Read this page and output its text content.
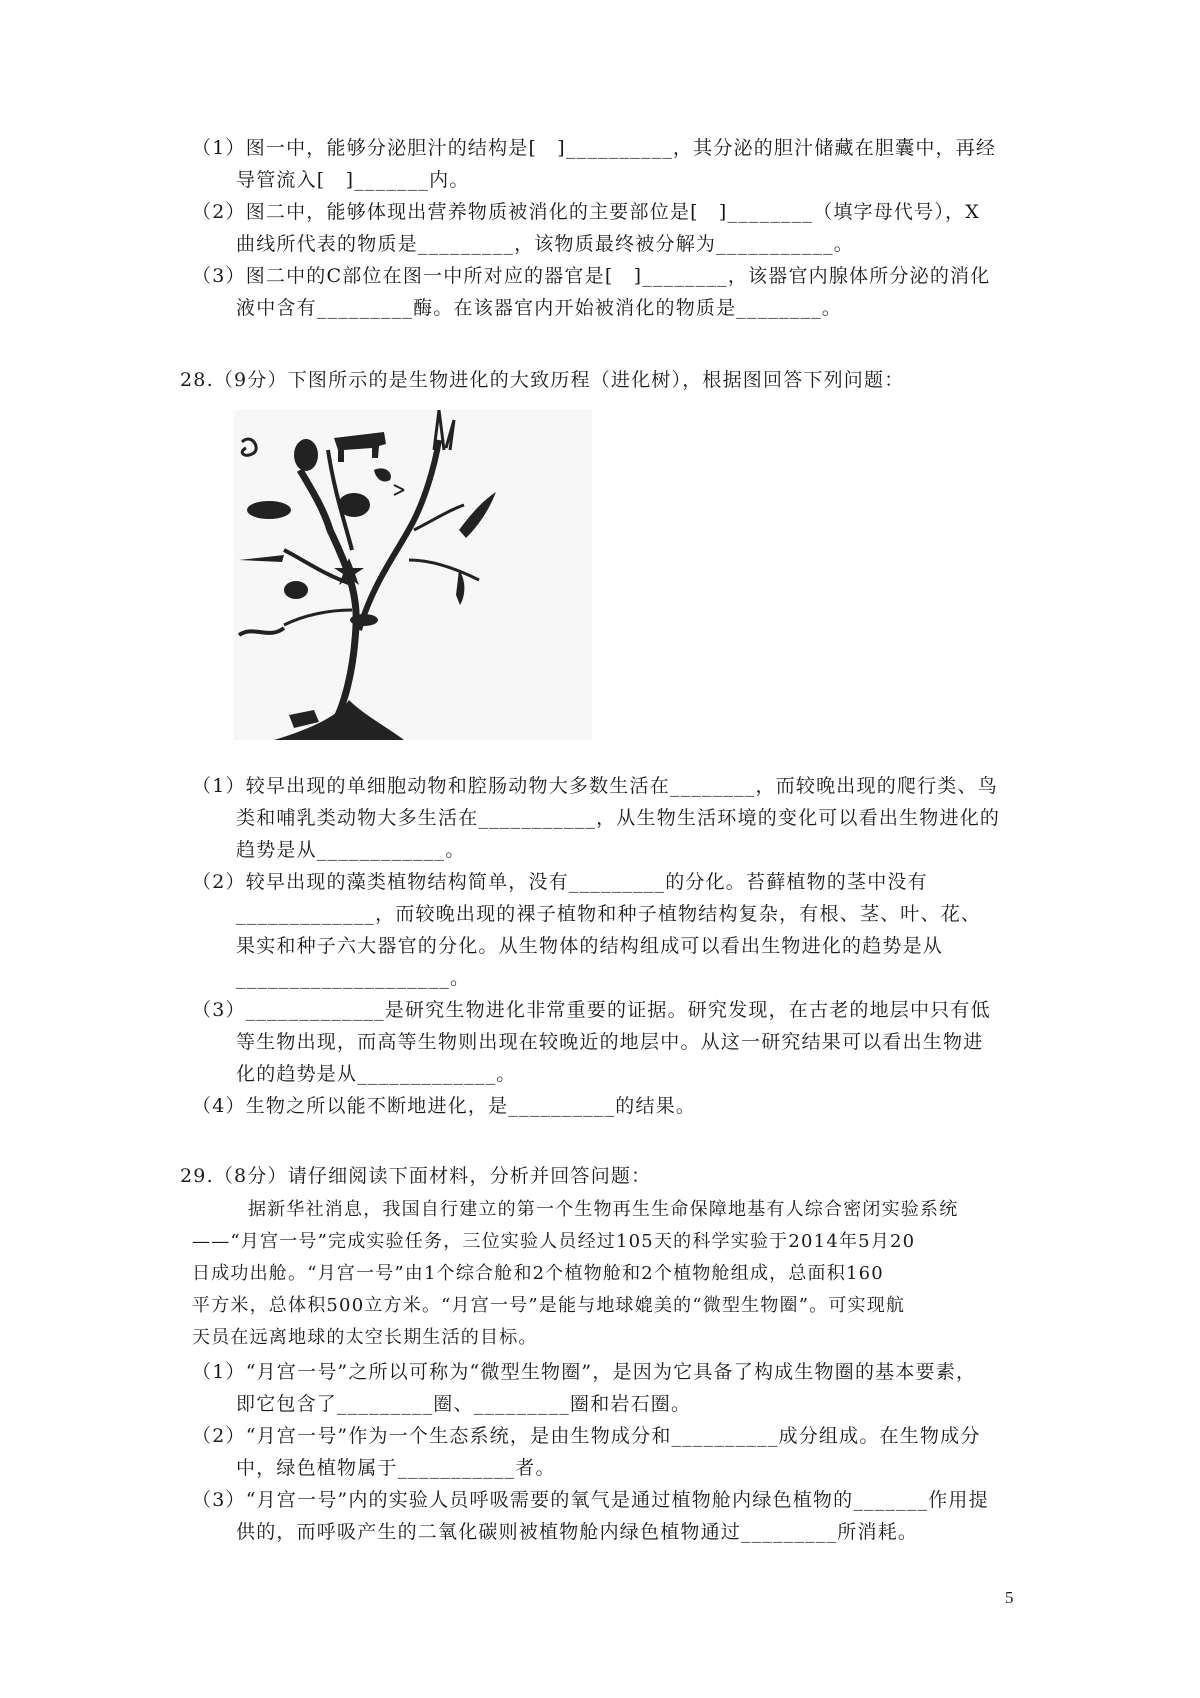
（1）图一中，能够分泌胆汁的结构是[　]__________，其分泌的胆汁储藏在胆囊中，再经
导管流入[　]_______内。
（2）图二中，能够体现出营养物质被消化的主要部位是[　]________（填字母代号），X
曲线所代表的物质是_________，该物质最终被分解为___________。
（3）图二中的C部位在图一中所对应的器官是[　]________，该器官内腺体所分泌的消化
液中含有_________酶。在该器官内开始被消化的物质是________。
28.（9分）下图所示的是生物进化的大致历程（进化树），根据图回答下列问题：
（1）较早出现的单细胞动物和腔肠动物大多数生活在________，而较晚出现的爬行类、鸟
类和哺乳类动物大多生活在___________，从生物生活环境的变化可以看出生物进化的
趋势是从____________。
（2）较早出现的藻类植物结构简单，没有_________的分化。苔藓植物的茎中没有
_____________，而较晚出现的裸子植物和种子植物结构复杂，有根、茎、叶、花、
果实和种子六大器官的分化。从生物体的结构组成可以看出生物进化的趋势是从
____________________。
（3）_____________是研究生物进化非常重要的证据。研究发现，在古老的地层中只有低
等生物出现，而高等生物则出现在较晚近的地层中。从这一研究结果可以看出生物进
化的趋势是从_____________。
（4）生物之所以能不断地进化，是__________的结果。
29.（8分）请仔细阅读下面材料，分析并回答问题：
据新华社消息，我国自行建立的第一个生物再生生命保障地基有人综合密闭实验系统
——“月宫一号”完成实验任务，三位实验人员经过105天的科学实验于2014年5月20
日成功出舱。“月宫一号”由1个综合舱和2个植物舱和2个植物舱组成，总面积160
平方米，总体积500立方米。“月宫一号”是能与地球媲美的“微型生物圈”。可实现航
天员在远离地球的太空长期生活的目标。
（1）“月宫一号”之所以可称为“微型生物圈”，是因为它具备了构成生物圈的基本要素，
即它包含了_________圈、_________圈和岩石圈。
（2）“月宫一号”作为一个生态系统，是由生物成分和__________成分组成。在生物成分
中，绿色植物属于___________者。
（3）“月宫一号”内的实验人员呼吸需要的氧气是通过植物舱内绿色植物的_______作用提
供的，而呼吸产生的二氧化碳则被植物舱内绿色植物通过_________所消耗。
5
